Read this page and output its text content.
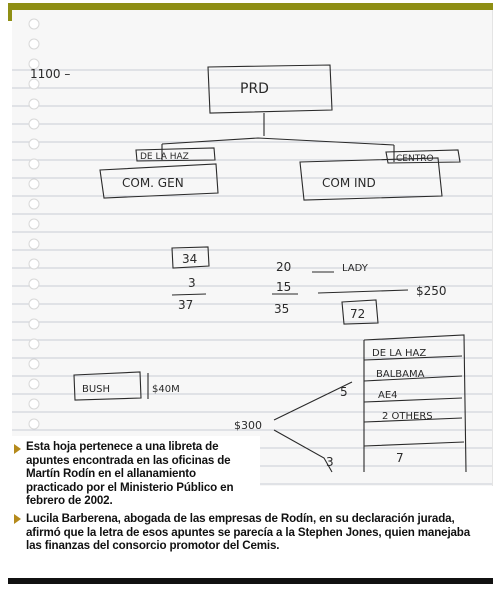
1100 –
PRD
DE LA HAZ
COM. GEN
CENTRO
COM IND
34
3
37
20	LADY
15
35	72
$250
BUSH	$40M
$300
5
DE LA HAZ
BALBAMA
AE4
2 OTHERS
3	7
Esta hoja pertenece a una libreta de apuntes encontrada en las oficinas de Martín Rodín en el allanamiento practicado por el Ministerio Público en febrero de 2002.
Lucila Barberena, abogada de las empresas de Rodín, en su declaración jurada, afirmó que la letra de esos apuntes se parecía a la Stephen Jones, quien manejaba las finanzas del consorcio promotor del Cemis.
